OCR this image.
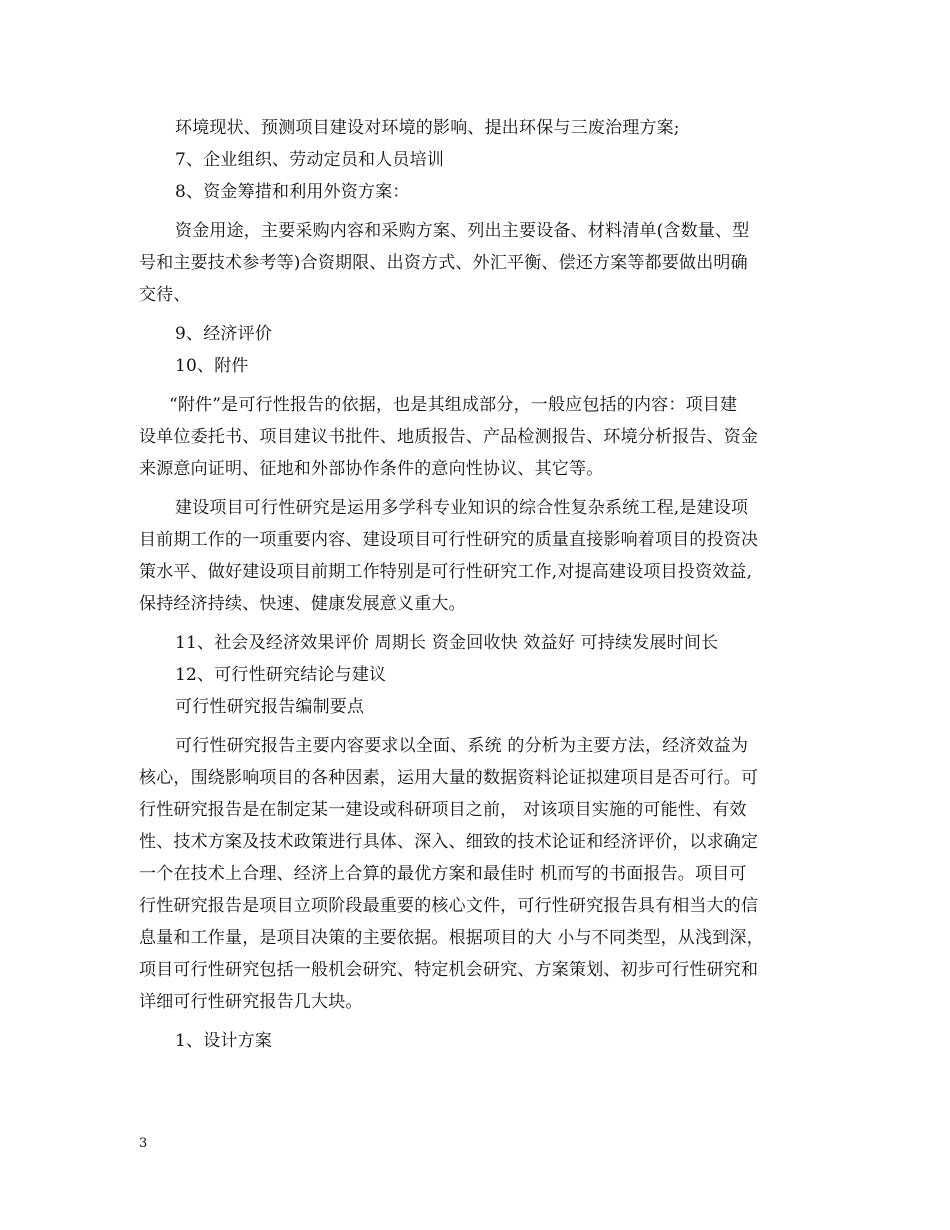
环境现状、预测项目建设对环境的影响、提出环保与三废治理方案;
7、企业组织、劳动定员和人员培训
8、资金筹措和利用外资方案：
资金用途，主要采购内容和采购方案、列出主要设备、材料清单(含数量、型
号和主要技术参考等)合资期限、出资方式、外汇平衡、偿还方案等都要做出明确
交待、
9、经济评价
10、附件
“附件”是可行性报告的依据，也是其组成部分，一般应包括的内容：项目建
设单位委托书、项目建议书批件、地质报告、产品检测报告、环境分析报告、资金
来源意向证明、征地和外部协作条件的意向性协议、其它等。
建设项目可行性研究是运用多学科专业知识的综合性复杂系统工程,是建设项
目前期工作的一项重要内容、建设项目可行性研究的质量直接影响着项目的投资决
策水平、做好建设项目前期工作特别是可行性研究工作,对提高建设项目投资效益,
保持经济持续、快速、健康发展意义重大。
11、社会及经济效果评价 周期长 资金回收快 效益好 可持续发展时间长
12、可行性研究结论与建议
可行性研究报告编制要点
可行性研究报告主要内容要求以全面、系统 的分析为主要方法，经济效益为
核心，围绕影响项目的各种因素，运用大量的数据资料论证拟建项目是否可行。可
行性研究报告是在制定某一建设或科研项目之前， 对该项目实施的可能性、有效
性、技术方案及技术政策进行具体、深入、细致的技术论证和经济评价，以求确定
一个在技术上合理、经济上合算的最优方案和最佳时 机而写的书面报告。项目可
行性研究报告是项目立项阶段最重要的核心文件，可行性研究报告具有相当大的信
息量和工作量，是项目决策的主要依据。根据项目的大 小与不同类型，从浅到深，
项目可行性研究包括一般机会研究、特定机会研究、方案策划、初步可行性研究和
详细可行性研究报告几大块。
1、设计方案
3
